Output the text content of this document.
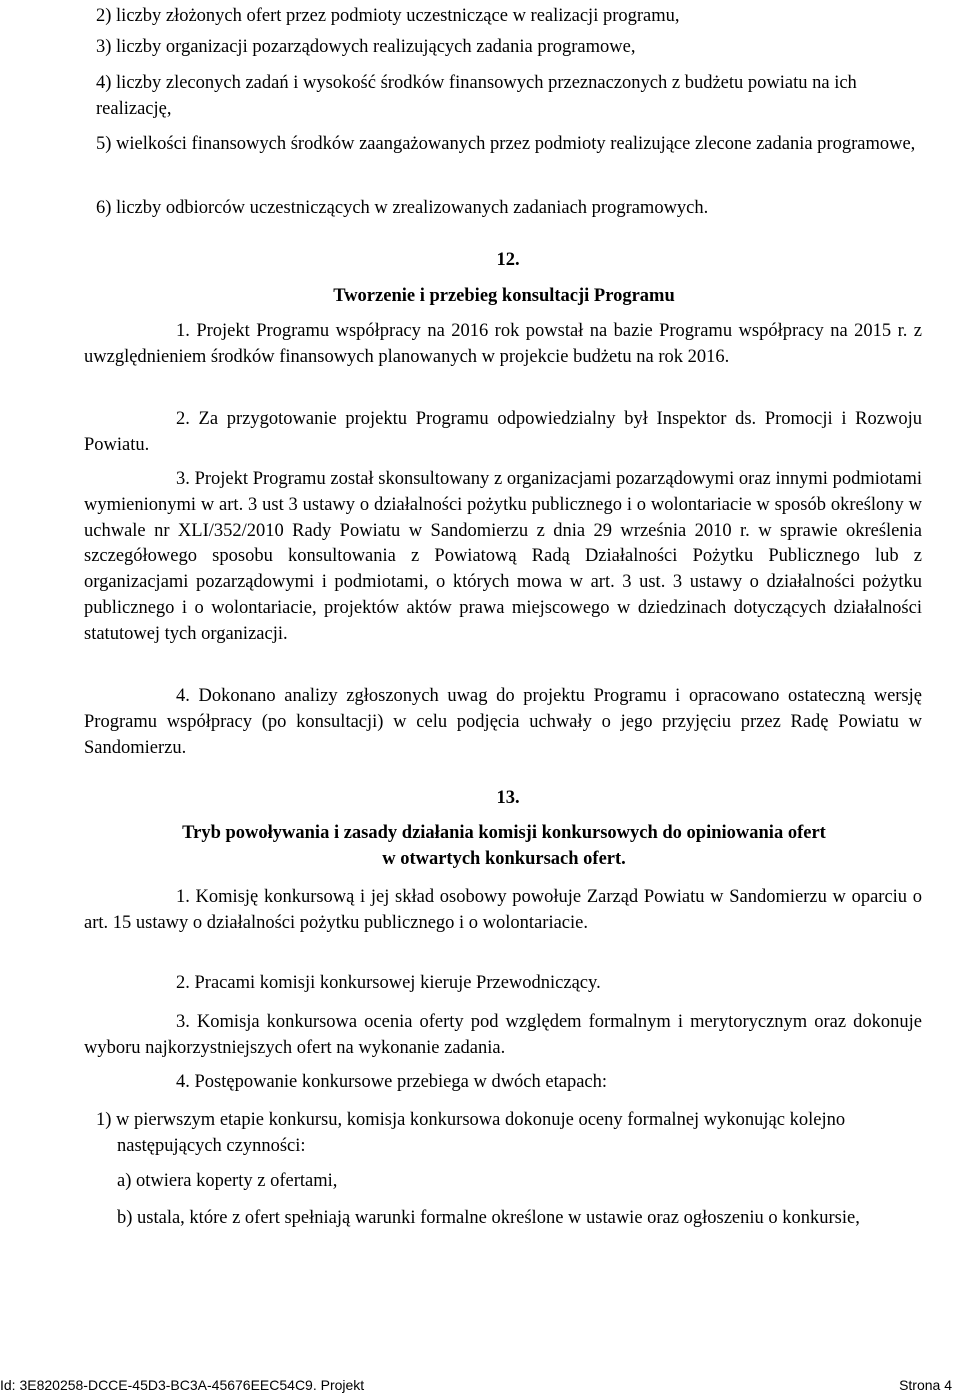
2) liczby złożonych ofert przez podmioty uczestniczące w realizacji programu,

3) liczby organizacji pozarządowych realizujących zadania programowe,

4) liczby zleconych zadań i wysokość środków finansowych przeznaczonych z budżetu powiatu na ich realizację,

5) wielkości finansowych środków zaangażowanych przez podmioty realizujące zlecone zadania programowe,

6) liczby odbiorców uczestniczących w zrealizowanych zadaniach programowych.

12.
Tworzenie i przebieg konsultacji Programu

1. Projekt Programu współpracy na 2016 rok powstał na bazie Programu współpracy na 2015 r. z uwzględnieniem środków finansowych planowanych w projekcie budżetu na rok 2016.

2. Za przygotowanie projektu Programu odpowiedzialny był Inspektor ds. Promocji i Rozwoju Powiatu.

3. Projekt Programu został skonsultowany z organizacjami pozarządowymi oraz innymi podmiotami wymienionymi w art. 3 ust 3 ustawy o działalności pożytku publicznego i o wolontariacie w sposób określony w uchwale nr XLI/352/2010 Rady Powiatu w Sandomierzu z dnia 29 września 2010 r. w sprawie określenia szczegółowego sposobu konsultowania z Powiatową Radą Działalności Pożytku Publicznego lub z organizacjami pozarządowymi i podmiotami, o których mowa w art. 3 ust. 3 ustawy o działalności pożytku publicznego i o wolontariacie, projektów aktów prawa miejscowego w dziedzinach dotyczących działalności statutowej tych organizacji.

4. Dokonano analizy zgłoszonych uwag do projektu Programu i opracowano ostateczną wersję Programu współpracy (po konsultacji) w celu podjęcia uchwały o jego przyjęciu przez Radę Powiatu w Sandomierzu.

13.
Tryb powoływania i zasady działania komisji konkursowych do opiniowania ofert
w otwartych konkursach ofert.

1. Komisję konkursową i jej skład osobowy powołuje Zarząd Powiatu w Sandomierzu w oparciu o art. 15 ustawy o działalności pożytku publicznego i o wolontariacie.

2. Pracami komisji konkursowej kieruje Przewodniczący.

3. Komisja konkursowa ocenia oferty pod względem formalnym i merytorycznym oraz dokonuje wyboru najkorzystniejszych ofert na wykonanie zadania.

4. Postępowanie konkursowe przebiega w dwóch etapach:

1) w pierwszym etapie konkursu, komisja konkursowa dokonuje oceny formalnej wykonując kolejno następujących czynności:

a) otwiera koperty z ofertami,

b) ustala, które z ofert spełniają warunki formalne określone w ustawie oraz ogłoszeniu o konkursie,

Id: 3E820258-DCCE-45D3-BC3A-45676EEC54C9. Projekt	Strona 4
